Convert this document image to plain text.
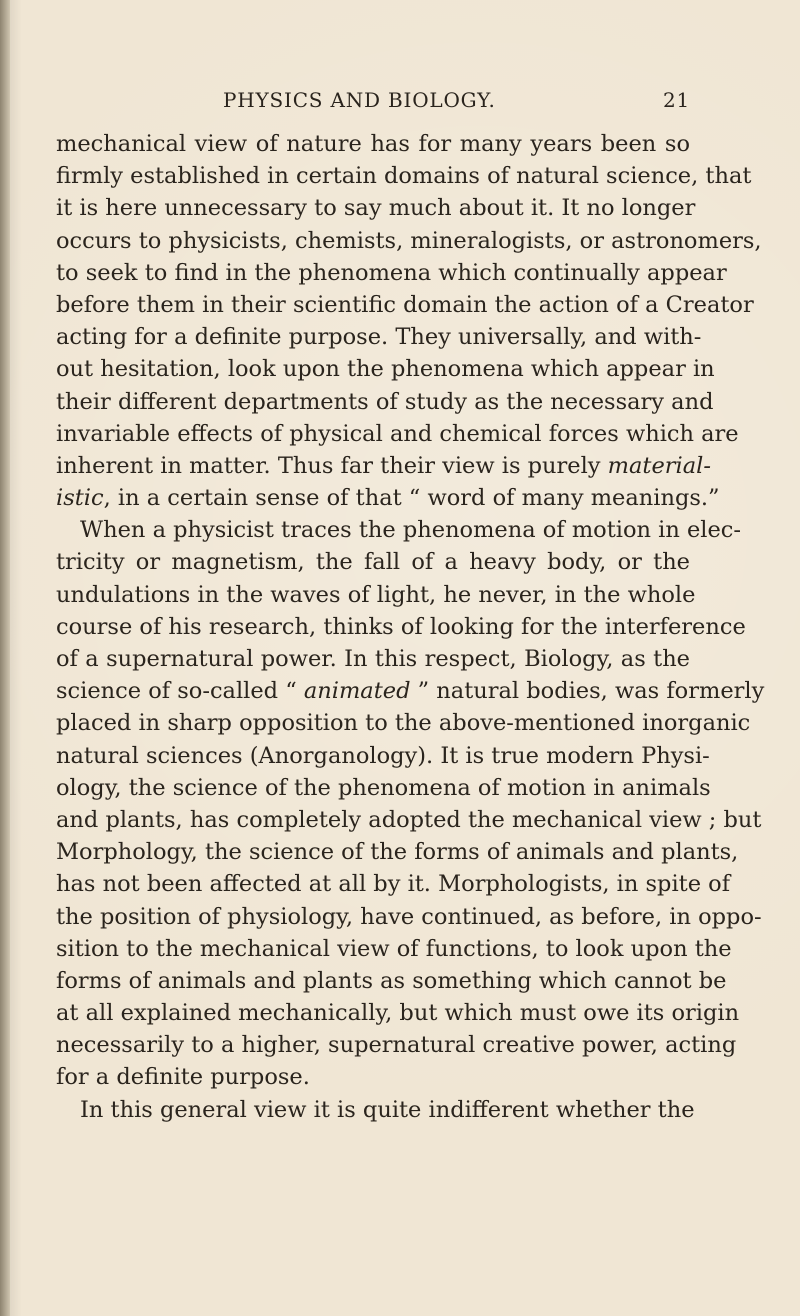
PHYSICS AND BIOLOGY.	21
mechanical view of nature has for many years been so
firmly established in certain domains of natural science, that
it is here unnecessary to say much about it. It no longer
occurs to physicists, chemists, mineralogists, or astronomers,
to seek to find in the phenomena which continually appear
before them in their scientific domain the action of a Creator
acting for a definite purpose. They universally, and with-
out hesitation, look upon the phenomena which appear in
their different departments of study as the necessary and
invariable effects of physical and chemical forces which are
inherent in matter. Thus far their view is purely material-
istic, in a certain sense of that “ word of many meanings.”
When a physicist traces the phenomena of motion in elec-
tricity or magnetism, the fall of a heavy body, or the
undulations in the waves of light, he never, in the whole
course of his research, thinks of looking for the interference
of a supernatural power. In this respect, Biology, as the
science of so-called “ animated ” natural bodies, was formerly
placed in sharp opposition to the above-mentioned inorganic
natural sciences (Anorganology). It is true modern Physi-
ology, the science of the phenomena of motion in animals
and plants, has completely adopted the mechanical view ; but
Morphology, the science of the forms of animals and plants,
has not been affected at all by it. Morphologists, in spite of
the position of physiology, have continued, as before, in oppo-
sition to the mechanical view of functions, to look upon the
forms of animals and plants as something which cannot be
at all explained mechanically, but which must owe its origin
necessarily to a higher, supernatural creative power, acting
for a definite purpose.
In this general view it is quite indifferent whether the
